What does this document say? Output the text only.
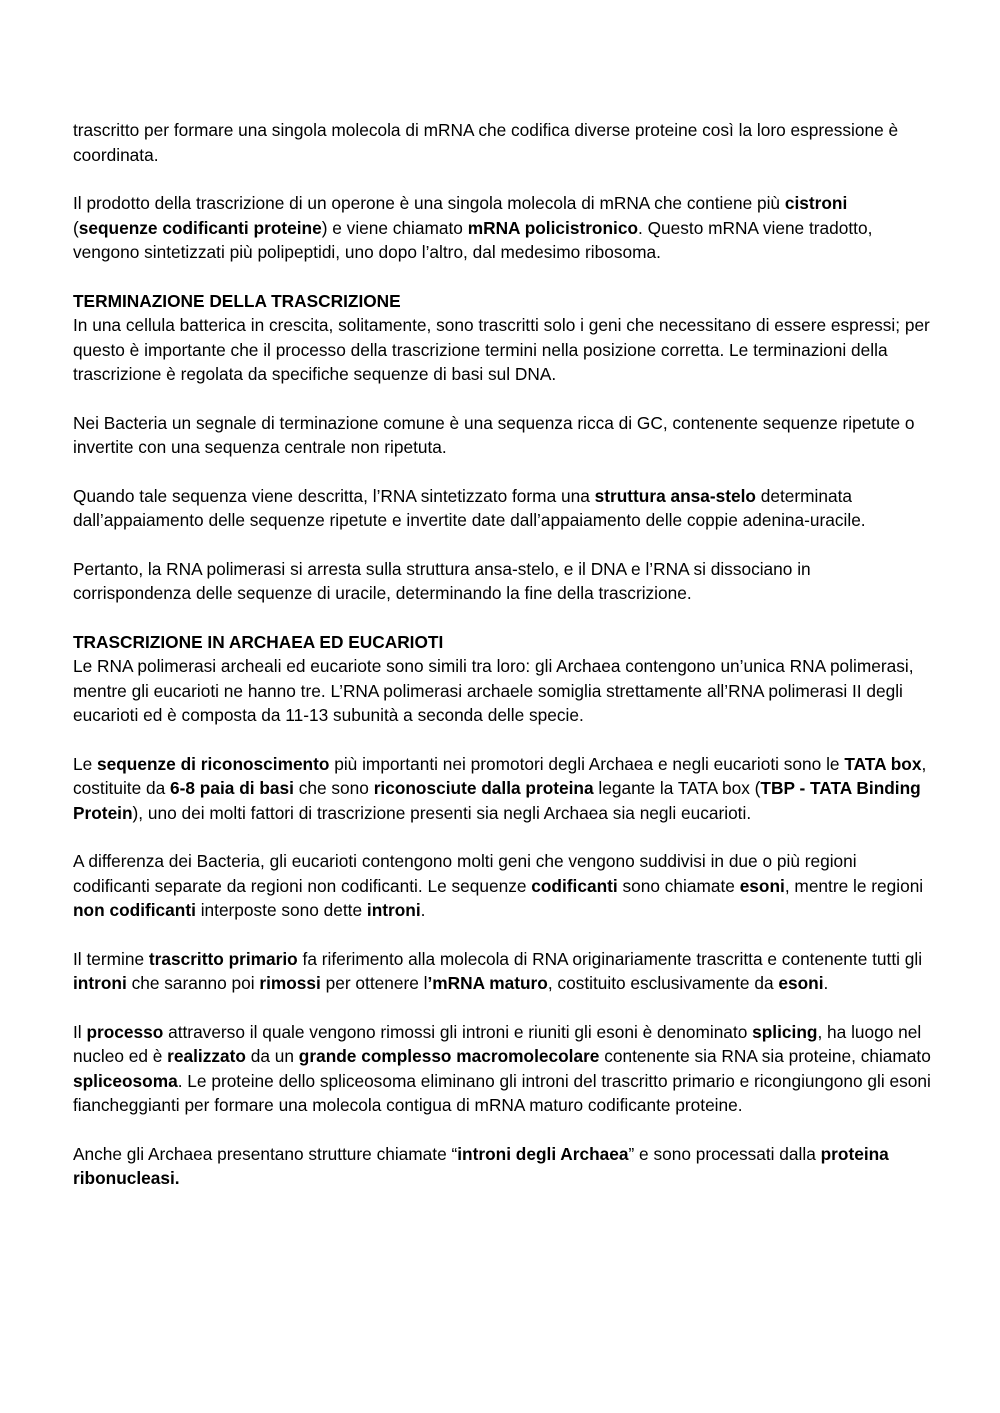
trascritto per formare una singola molecola di mRNA che codifica diverse proteine così la loro espressione è coordinata.

Il prodotto della trascrizione di un operone è una singola molecola di mRNA che contiene più cistroni (sequenze codificanti proteine) e viene chiamato mRNA policistronico. Questo mRNA viene tradotto, vengono sintetizzati più polipeptidi, uno dopo l’altro, dal medesimo ribosoma.

TERMINAZIONE DELLA TRASCRIZIONE

In una cellula batterica in crescita, solitamente, sono trascritti solo i geni che necessitano di essere espressi; per questo è importante che il processo della trascrizione termini nella posizione corretta. Le terminazioni della trascrizione è regolata da specifiche sequenze di basi sul DNA.

Nei Bacteria un segnale di terminazione comune è una sequenza ricca di GC, contenente sequenze ripetute o invertite con una sequenza centrale non ripetuta.

Quando tale sequenza viene descritta, l’RNA sintetizzato forma una struttura ansa-stelo determinata dall’appaiamento delle sequenze ripetute e invertite date dall’appaiamento delle coppie adenina-uracile.

Pertanto, la RNA polimerasi si arresta sulla struttura ansa-stelo, e il DNA e l’RNA si dissociano in corrispondenza delle sequenze di uracile, determinando la fine della trascrizione.

TRASCRIZIONE IN ARCHAEA ED EUCARIOTI

Le RNA polimerasi archeali ed eucariote sono simili tra loro: gli Archaea contengono un’unica RNA polimerasi, mentre gli eucarioti ne hanno tre. L’RNA polimerasi archaele somiglia strettamente all’RNA polimerasi II degli eucarioti ed è composta da 11-13 subunità a seconda delle specie.

Le sequenze di riconoscimento più importanti nei promotori degli Archaea e negli eucarioti sono le TATA box, costituite da 6-8 paia di basi che sono riconosciute dalla proteina legante la TATA box (TBP - TATA Binding Protein), uno dei molti fattori di trascrizione presenti sia negli Archaea sia negli eucarioti.

A differenza dei Bacteria, gli eucarioti contengono molti geni che vengono suddivisi in due o più regioni codificanti separate da regioni non codificanti. Le sequenze codificanti sono chiamate esoni, mentre le regioni non codificanti interposte sono dette introni.

Il termine trascritto primario fa riferimento alla molecola di RNA originariamente trascritta e contenente tutti gli introni che saranno poi rimossi per ottenere l’mRNA maturo, costituito esclusivamente da esoni.

Il processo attraverso il quale vengono rimossi gli introni e riuniti gli esoni è denominato splicing, ha luogo nel nucleo ed è realizzato da un grande complesso macromolecolare contenente sia RNA sia proteine, chiamato spliceosoma. Le proteine dello spliceosoma eliminano gli introni del trascritto primario e ricongiungono gli esoni fiancheggianti per formare una molecola contigua di mRNA maturo codificante proteine.

Anche gli Archaea presentano strutture chiamate “introni degli Archaea” e sono processati dalla proteina ribonucleasi.
